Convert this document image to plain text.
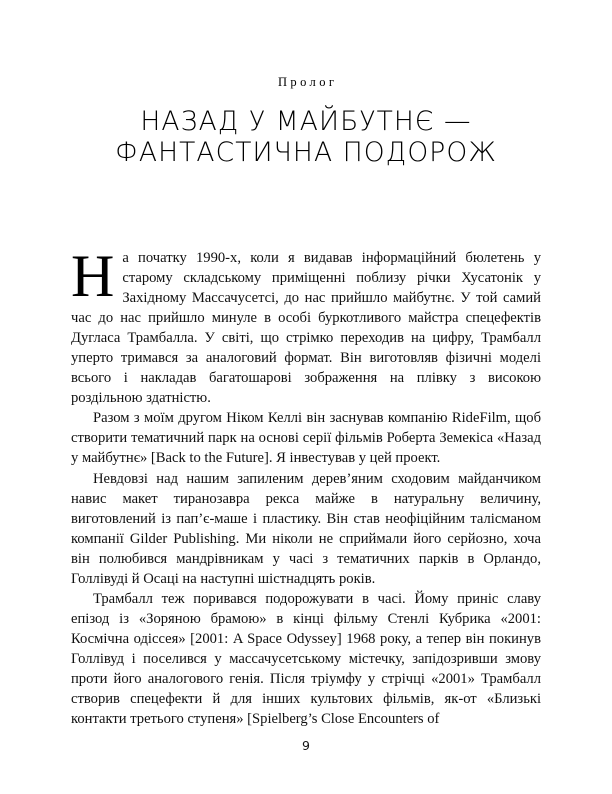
Пролог
НАЗАД У МАЙБУТНЄ —
ФАНТАСТИЧНА ПОДОРОЖ

На початку 1990-х, коли я видавав інформаційний бюлетень у старому складському приміщенні поблизу річки Хусатонік у Західному Массачусетсі, до нас прийшло майбутнє. У той самий час до нас прийшло минуле в особі буркотливого майстра спецефектів Дугласа Трамбалла. У світі, що стрімко переходив на цифру, Трамбалл уперто тримався за аналоговий формат. Він виготовляв фізичні моделі всього і накладав багатошарові зображення на плівку з високою роздільною здатністю.

Разом з моїм другом Ніком Келлі він заснував компанію RideFilm, щоб створити тематичний парк на основі серії фільмів Роберта Земекіса «Назад у майбутнє» [Back to the Future]. Я інвестував у цей проект.

Невдовзі над нашим запиленим дерев’яним сходовим майданчиком навис макет тиранозавра рекса майже в натуральну величину, виготовлений із пап’є-маше і пластику. Він став неофіційним талісманом компанії Gilder Publishing. Ми ніколи не сприймали його серйозно, хоча він полюбився мандрівникам у часі з тематичних парків в Орландо, Голлівуді й Осаці на наступні шістнадцять років.

Трамбалл теж поривався подорожувати в часі. Йому приніс славу епізод із «Зоряною брамою» в кінці фільму Стенлі Кубрика «2001: Космічна одіссея» [2001: A Space Odyssey] 1968 року, а тепер він покинув Голлівуд і поселився у массачусетському містечку, запідозривши змову проти його аналогового генія. Після тріумфу у стрічці «2001» Трамбалл створив спецефекти й для інших культових фільмів, як-от «Близькі контакти третього ступеня» [Spielberg’s Close Encounters of

9
